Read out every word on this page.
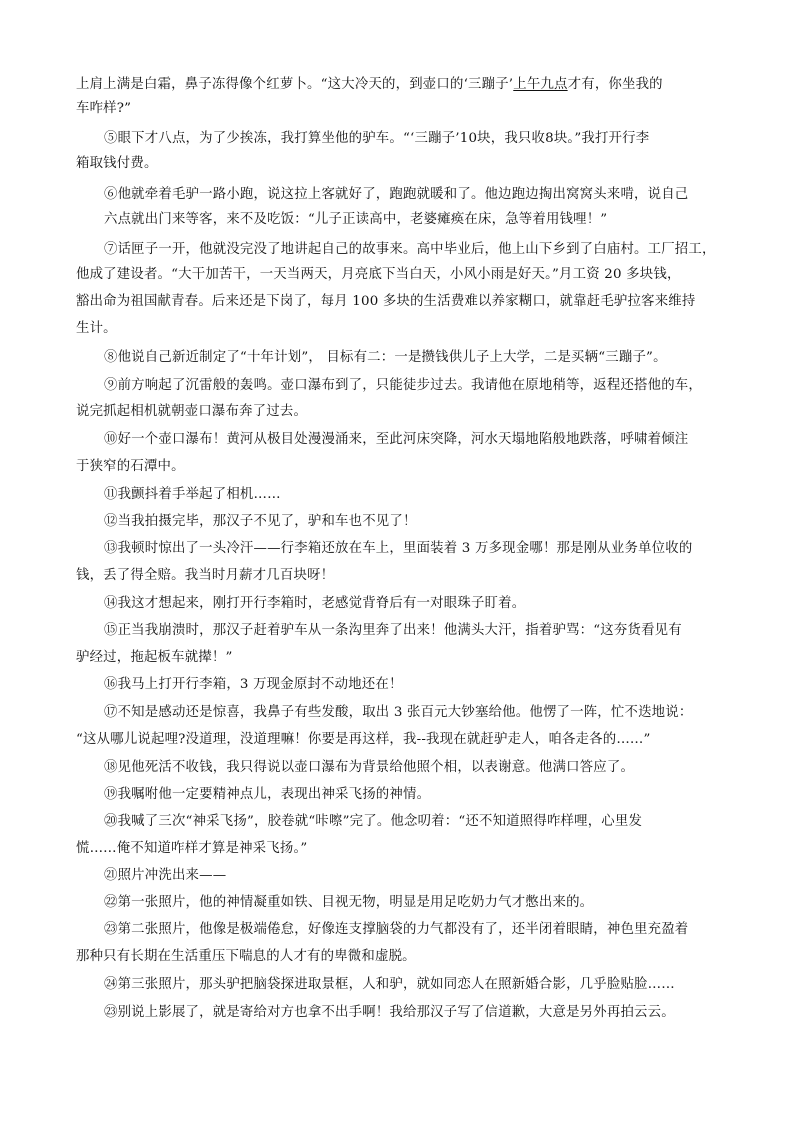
上肩上满是白霜，鼻子冻得像个红萝卜。“这大冷天的，到壶口的‘三蹦子’上午九点才有，你坐我的
车咋样?”
⑤眼下才八点，为了少挨冻，我打算坐他的驴车。“‘三蹦子’10块，我只收8块。”我打开行李
箱取钱付费。
⑥他就牵着毛驴一路小跑，说这拉上客就好了，跑跑就暖和了。他边跑边掏出窝窝头来啃，说自己
六点就出门来等客，来不及吃饭：“儿子正读高中，老婆瘫痪在床，急等着用钱哩！”
⑦话匣子一开，他就没完没了地讲起自己的故事来。高中毕业后，他上山下乡到了白庙村。工厂招工，
他成了建设者。“大干加苦干，一天当两天，月亮底下当白天，小风小雨是好天。”月工资 20 多块钱，
豁出命为祖国献青春。后来还是下岗了，每月 100 多块的生活费难以养家糊口，就靠赶毛驴拉客来维持
生计。
⑧他说自己新近制定了“十年计划”， 目标有二：一是攒钱供儿子上大学，二是买辆“三蹦子”。
⑨前方响起了沉雷般的轰鸣。壶口瀑布到了，只能徒步过去。我请他在原地稍等，返程还搭他的车，
说完抓起相机就朝壶口瀑布奔了过去。
⑩好一个壶口瀑布！黄河从极目处漫漫涌来，至此河床突降，河水天塌地陷般地跌落，呼啸着倾注
于狭窄的石潭中。
⑪我颤抖着手举起了相机……
⑫当我拍摄完毕，那汉子不见了，驴和车也不见了！
⑬我顿时惊出了一头冷汗——行李箱还放在车上，里面装着 3 万多现金哪！那是刚从业务单位收的
钱，丢了得全赔。我当时月薪才几百块呀！
⑭我这才想起来，刚打开行李箱时，老感觉背脊后有一对眼珠子盯着。
⑮正当我崩溃时，那汉子赶着驴车从一条沟里奔了出来！他满头大汗，指着驴骂：“这夯货看见有
驴经过，拖起板车就撵！”
⑯我马上打开行李箱，3 万现金原封不动地还在！
⑰不知是感动还是惊喜，我鼻子有些发酸，取出 3 张百元大钞塞给他。他愣了一阵，忙不迭地说：
“这从哪儿说起哩?没道理，没道理嘛！你要是再这样，我--我现在就赶驴走人，咱各走各的……”
⑱见他死活不收钱，我只得说以壶口瀑布为背景给他照个相，以表谢意。他满口答应了。
⑲我嘱咐他一定要精神点儿，表现出神采飞扬的神情。
⑳我喊了三次“神采飞扬”，胶卷就“咔嚓”完了。他念叨着：“还不知道照得咋样哩，心里发
慌……俺不知道咋样才算是神采飞扬。”
㉑照片冲洗出来——
㉒第一张照片，他的神情凝重如铁、目视无物，明显是用足吃奶力气才憋出来的。
㉓第二张照片，他像是极端倦怠，好像连支撑脑袋的力气都没有了，还半闭着眼睛，神色里充盈着
那种只有长期在生活重压下喘息的人才有的卑微和虚脱。
㉔第三张照片，那头驴把脑袋探进取景框，人和驴，就如同恋人在照新婚合影，几乎脸贴脸……
㉓别说上影展了，就是寄给对方也拿不出手啊！我给那汉子写了信道歉，大意是另外再拍云云。
